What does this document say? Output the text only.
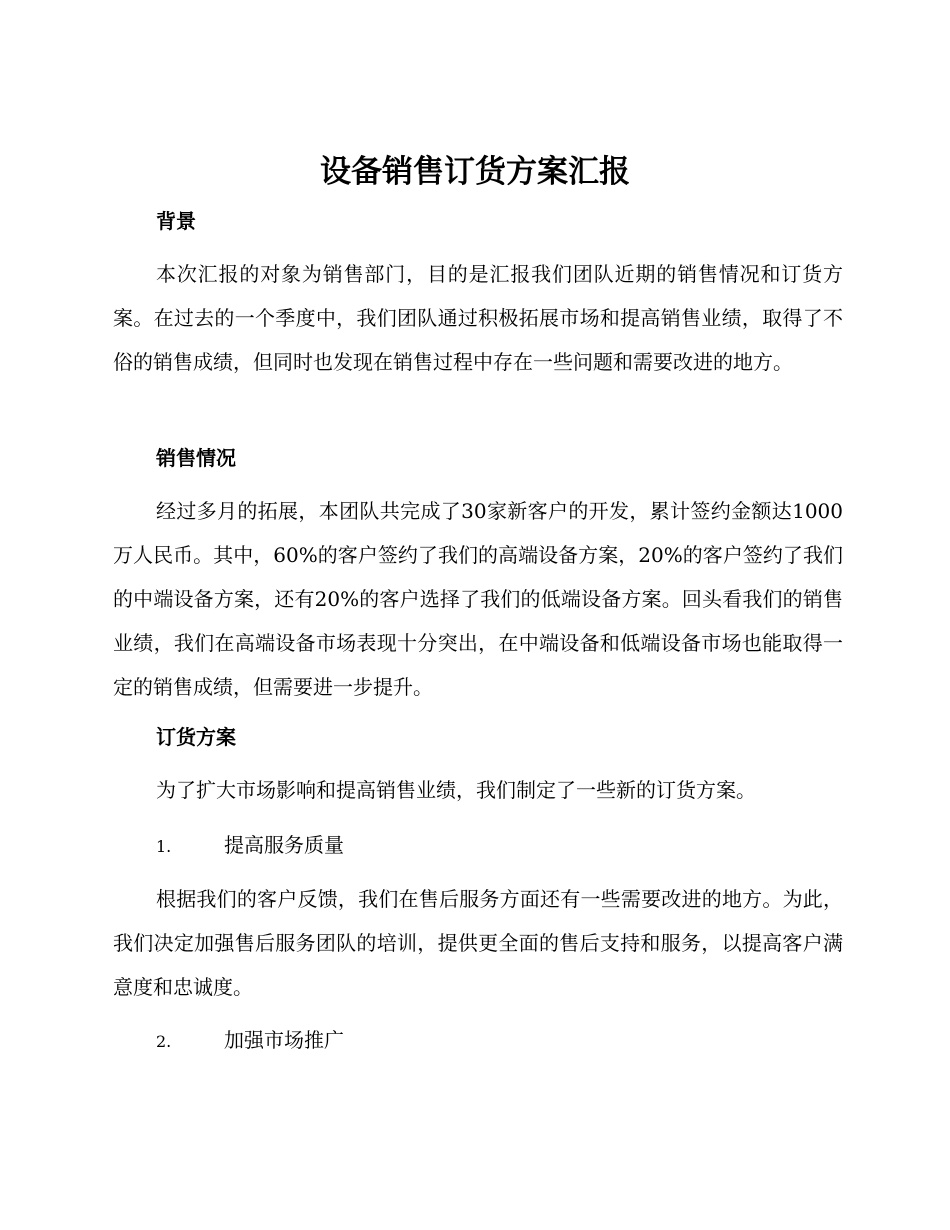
设备销售订货方案汇报
背景

本次汇报的对象为销售部门，目的是汇报我们团队近期的销售情况和订货方案。在过去的一个季度中，我们团队通过积极拓展市场和提高销售业绩，取得了不俗的销售成绩，但同时也发现在销售过程中存在一些问题和需要改进的地方。

销售情况

经过多月的拓展，本团队共完成了30家新客户的开发，累计签约金额达1000万人民币。其中，60%的客户签约了我们的高端设备方案，20%的客户签约了我们的中端设备方案，还有20%的客户选择了我们的低端设备方案。回头看我们的销售业绩，我们在高端设备市场表现十分突出，在中端设备和低端设备市场也能取得一定的销售成绩，但需要进一步提升。

订货方案

为了扩大市场影响和提高销售业绩，我们制定了一些新的订货方案。

1.	提高服务质量

根据我们的客户反馈，我们在售后服务方面还有一些需要改进的地方。为此，我们决定加强售后服务团队的培训，提供更全面的售后支持和服务，以提高客户满意度和忠诚度。

2.	加强市场推广
